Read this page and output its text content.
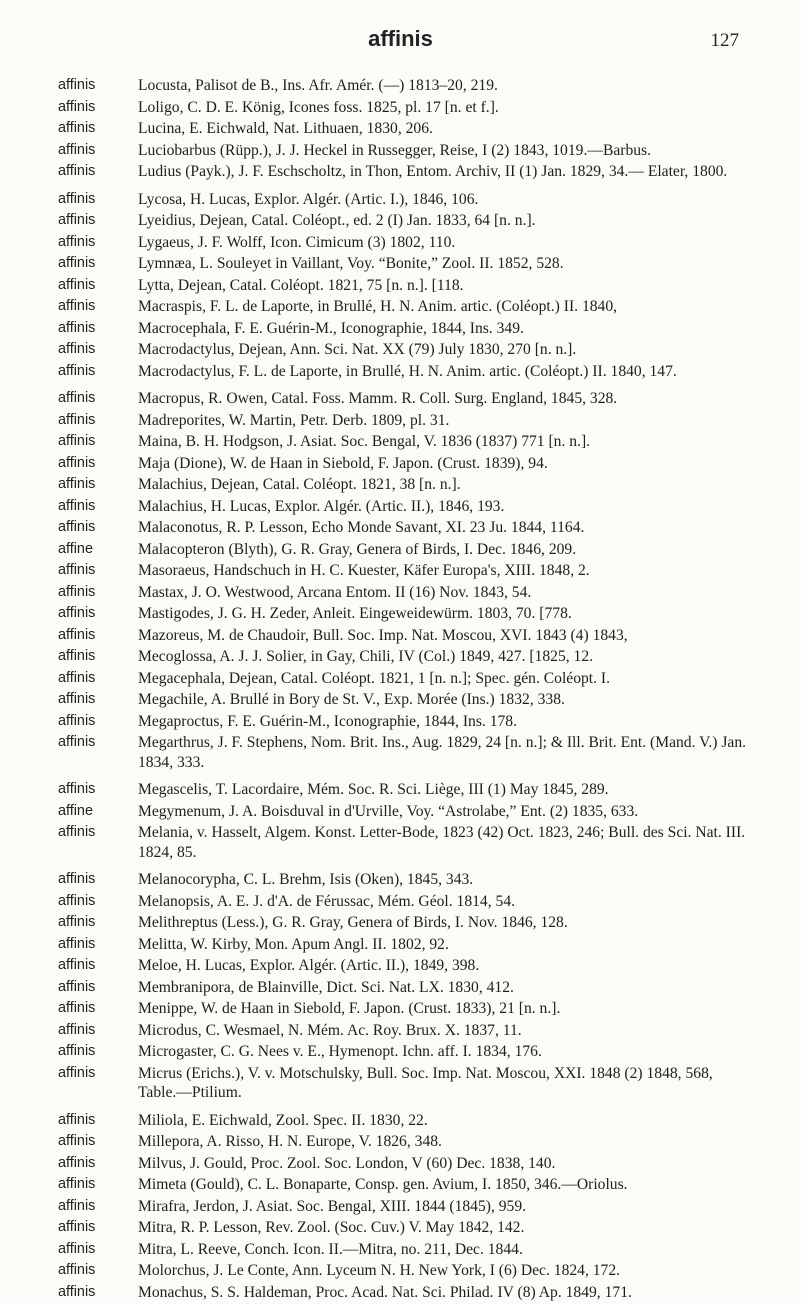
affinis	127
affinis	Locusta, Palisot de B., Ins. Afr. Amér. (—) 1813–20, 219.
affinis	Loligo, C. D. E. König, Icones foss. 1825, pl. 17 [n. et f.].
affinis	Lucina, E. Eichwald, Nat. Lithuaen, 1830, 206.
affinis	Luciobarbus (Rüpp.), J. J. Heckel in Russegger, Reise, I (2) 1843, 1019.—Barbus.
affinis	Ludius (Payk.), J. F. Eschscholtz, in Thon, Entom. Archiv, II (1) Jan. 1829, 34.— Elater, 1800.
affinis	Lycosa, H. Lucas, Explor. Algér. (Artic. I.), 1846, 106.
affinis	Lyeidius, Dejean, Catal. Coléopt., ed. 2 (I) Jan. 1833, 64 [n. n.].
affinis	Lygaeus, J. F. Wolff, Icon. Cimicum (3) 1802, 110.
affinis	Lymnæa, L. Souleyet in Vaillant, Voy. “Bonite,” Zool. II. 1852, 528.
affinis	Lytta, Dejean, Catal. Coléopt. 1821, 75 [n. n.]. [118.
affinis	Macraspis, F. L. de Laporte, in Brullé, H. N. Anim. artic. (Coléopt.) II. 1840,
affinis	Macrocephala, F. E. Guérin-M., Iconographie, 1844, Ins. 349.
affinis	Macrodactylus, Dejean, Ann. Sci. Nat. XX (79) July 1830, 270 [n. n.].
affinis	Macrodactylus, F. L. de Laporte, in Brullé, H. N. Anim. artic. (Coléopt.) II. 1840, 147.
affinis	Macropus, R. Owen, Catal. Foss. Mamm. R. Coll. Surg. England, 1845, 328.
affinis	Madreporites, W. Martin, Petr. Derb. 1809, pl. 31.
affinis	Maina, B. H. Hodgson, J. Asiat. Soc. Bengal, V. 1836 (1837) 771 [n. n.].
affinis	Maja (Dione), W. de Haan in Siebold, F. Japon. (Crust. 1839), 94.
affinis	Malachius, Dejean, Catal. Coléopt. 1821, 38 [n. n.].
affinis	Malachius, H. Lucas, Explor. Algér. (Artic. II.), 1846, 193.
affinis	Malaconotus, R. P. Lesson, Echo Monde Savant, XI. 23 Ju. 1844, 1164.
affine	Malacopteron (Blyth), G. R. Gray, Genera of Birds, I. Dec. 1846, 209.
affinis	Masoraeus, Handschuch in H. C. Kuester, Käfer Europa's, XIII. 1848, 2.
affinis	Mastax, J. O. Westwood, Arcana Entom. II (16) Nov. 1843, 54.
affinis	Mastigodes, J. G. H. Zeder, Anleit. Eingeweidewürm. 1803, 70. [778.
affinis	Mazoreus, M. de Chaudoir, Bull. Soc. Imp. Nat. Moscou, XVI. 1843 (4) 1843,
affinis	Mecoglossa, A. J. J. Solier, in Gay, Chili, IV (Col.) 1849, 427. [1825, 12.
affinis	Megacephala, Dejean, Catal. Coléopt. 1821, 1 [n. n.]; Spec. gén. Coléopt. I.
affinis	Megachile, A. Brullé in Bory de St. V., Exp. Morée (Ins.) 1832, 338.
affinis	Megaproctus, F. E. Guérin-M., Iconographie, 1844, Ins. 178.
affinis	Megarthrus, J. F. Stephens, Nom. Brit. Ins., Aug. 1829, 24 [n. n.]; & Ill. Brit. Ent. (Mand. V.) Jan. 1834, 333.
affinis	Megascelis, T. Lacordaire, Mém. Soc. R. Sci. Liège, III (1) May 1845, 289.
affine	Megymenum, J. A. Boisduval in d'Urville, Voy. “Astrolabe,” Ent. (2) 1835, 633.
affinis	Melania, v. Hasselt, Algem. Konst. Letter-Bode, 1823 (42) Oct. 1823, 246; Bull. des Sci. Nat. III. 1824, 85.
affinis	Melanocorypha, C. L. Brehm, Isis (Oken), 1845, 343.
affinis	Melanopsis, A. E. J. d'A. de Férussac, Mém. Géol. 1814, 54.
affinis	Melithreptus (Less.), G. R. Gray, Genera of Birds, I. Nov. 1846, 128.
affinis	Melitta, W. Kirby, Mon. Apum Angl. II. 1802, 92.
affinis	Meloe, H. Lucas, Explor. Algér. (Artic. II.), 1849, 398.
affinis	Membranipora, de Blainville, Dict. Sci. Nat. LX. 1830, 412.
affinis	Menippe, W. de Haan in Siebold, F. Japon. (Crust. 1833), 21 [n. n.].
affinis	Microdus, C. Wesmael, N. Mém. Ac. Roy. Brux. X. 1837, 11.
affinis	Microgaster, C. G. Nees v. E., Hymenopt. Ichn. aff. I. 1834, 176.
affinis	Micrus (Erichs.), V. v. Motschulsky, Bull. Soc. Imp. Nat. Moscou, XXI. 1848 (2) 1848, 568, Table.—Ptilium.
affinis	Miliola, E. Eichwald, Zool. Spec. II. 1830, 22.
affinis	Millepora, A. Risso, H. N. Europe, V. 1826, 348.
affinis	Milvus, J. Gould, Proc. Zool. Soc. London, V (60) Dec. 1838, 140.
affinis	Mimeta (Gould), C. L. Bonaparte, Consp. gen. Avium, I. 1850, 346.—Oriolus.
affinis	Mirafra, Jerdon, J. Asiat. Soc. Bengal, XIII. 1844 (1845), 959.
affinis	Mitra, R. P. Lesson, Rev. Zool. (Soc. Cuv.) V. May 1842, 142.
affinis	Mitra, L. Reeve, Conch. Icon. II.—Mitra, no. 211, Dec. 1844.
affinis	Molorchus, J. Le Conte, Ann. Lyceum N. H. New York, I (6) Dec. 1824, 172.
affinis	Monachus, S. S. Haldeman, Proc. Acad. Nat. Sci. Philad. IV (8) Ap. 1849, 171.
